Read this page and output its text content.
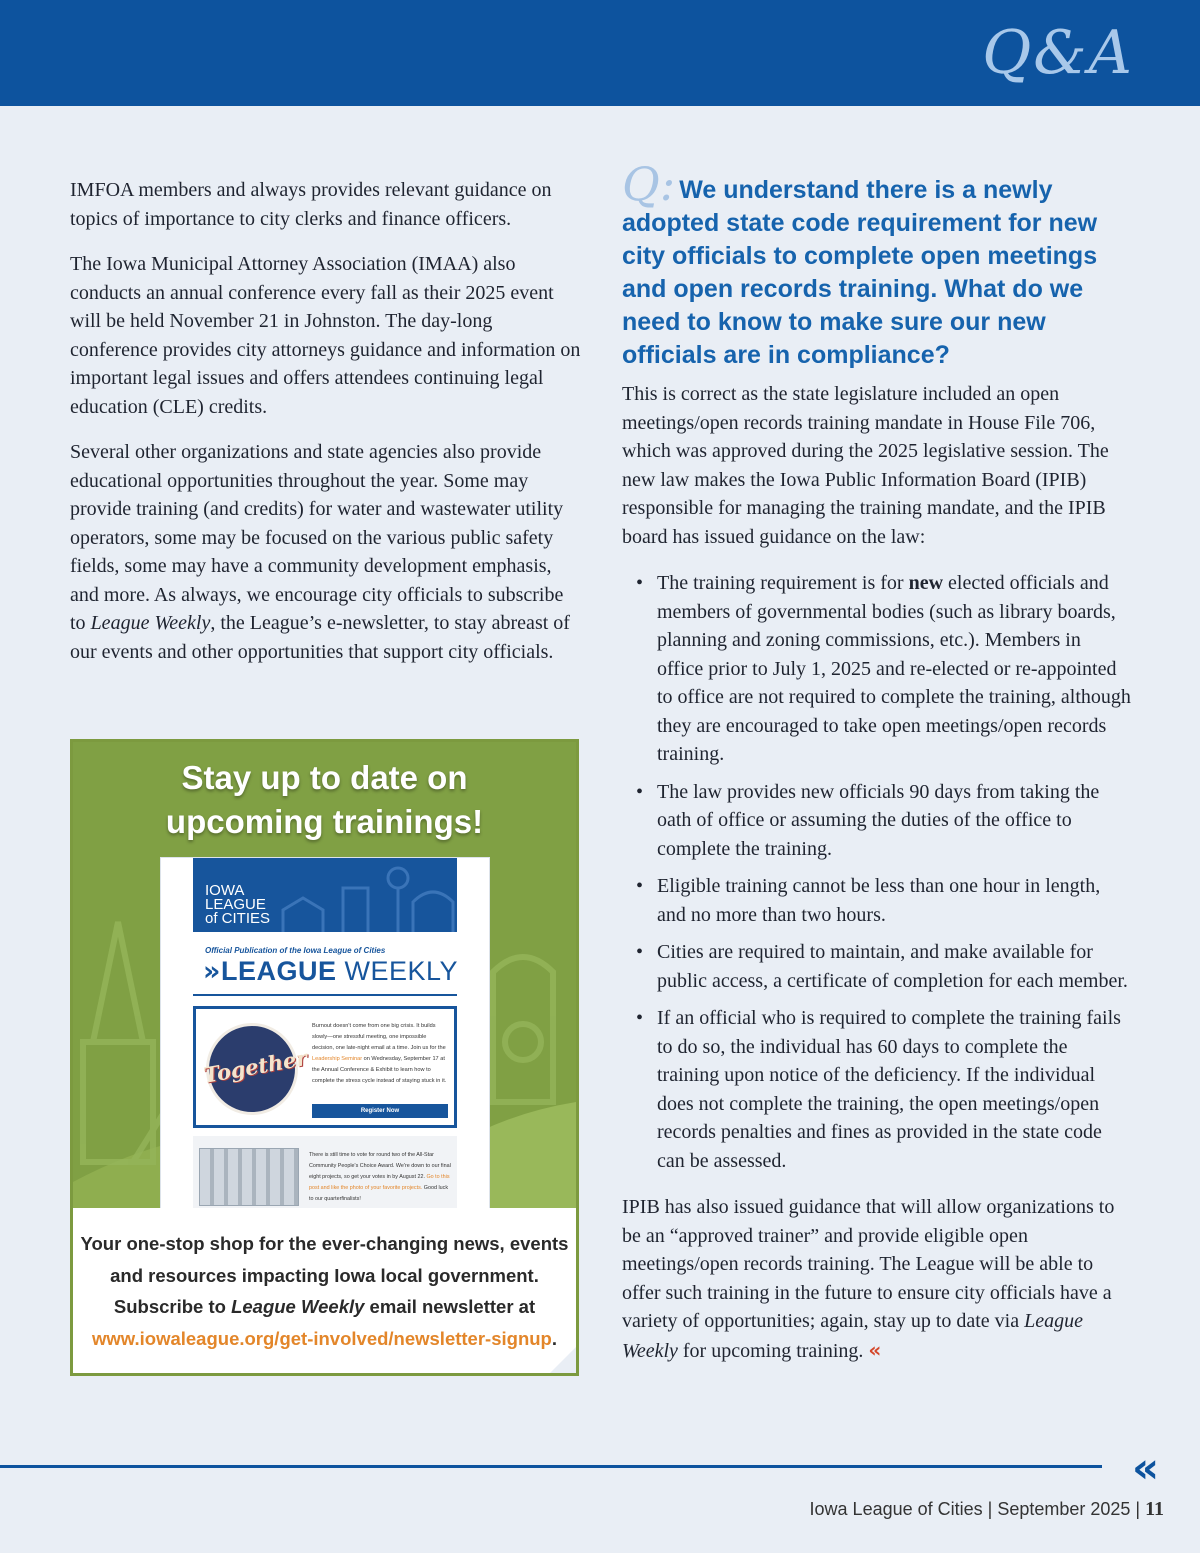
Q&A

IMFOA members and always provides relevant guidance on topics of importance to city clerks and finance officers.

The Iowa Municipal Attorney Association (IMAA) also conducts an annual conference every fall as their 2025 event will be held November 21 in Johnston. The day-long conference provides city attorneys guidance and information on important legal issues and offers attendees continuing legal education (CLE) credits.

Several other organizations and state agencies also provide educational opportunities throughout the year. Some may provide training (and credits) for water and wastewater utility operators, some may be focused on the various public safety fields, some may have a community development emphasis, and more. As always, we encourage city officials to subscribe to League Weekly, the League’s e-newsletter, to stay abreast of our events and other opportunities that support city officials.

Stay up to date on
upcoming trainings!
IOWA
LEAGUE
of CITIES
Official Publication of the Iowa League of Cities
»LEAGUE WEEKLY
Together
Burnout doesn't come from one big crisis. It builds slowly—one stressful meeting, one impossible decision, one late-night email at a time. Join us for the Leadership Seminar on Wednesday, September 17 at the Annual Conference & Exhibit to learn how to complete the stress cycle instead of staying stuck in it.
Register Now
There is still time to vote for round two of the All-Star Community People's Choice Award. We're down to our final eight projects, so get your votes in by August 22. Go to this post and like the photo of your favorite projects. Good luck to our quarterfinalists!
Your one-stop shop for the ever-changing news, events
and resources impacting Iowa local government.
Subscribe to League Weekly email newsletter at
www.iowaleague.org/get-involved/newsletter-signup.
Q: We understand there is a newly adopted state code requirement for new city officials to complete open meetings and open records training. What do we need to know to make sure our new officials are in compliance?

This is correct as the state legislature included an open meetings/open records training mandate in House File 706, which was approved during the 2025 legislative session. The new law makes the Iowa Public Information Board (IPIB) responsible for managing the training mandate, and the IPIB board has issued guidance on the law:

• The training requirement is for new elected officials and members of governmental bodies (such as library boards, planning and zoning commissions, etc.). Members in office prior to July 1, 2025 and re-elected or re-appointed to office are not required to complete the training, although they are encouraged to take open meetings/open records training.
• The law provides new officials 90 days from taking the oath of office or assuming the duties of the office to complete the training.
• Eligible training cannot be less than one hour in length, and no more than two hours.
• Cities are required to maintain, and make available for public access, a certificate of completion for each member.
• If an official who is required to complete the training fails to do so, the individual has 60 days to complete the training upon notice of the deficiency. If the individual does not complete the training, the open meetings/open records penalties and fines as provided in the state code can be assessed.

IPIB has also issued guidance that will allow organizations to be an “approved trainer” and provide eligible open meetings/open records training. The League will be able to offer such training in the future to ensure city officials have a variety of opportunities; again, stay up to date via League Weekly for upcoming training. «

«
Iowa League of Cities | September 2025 | 11
